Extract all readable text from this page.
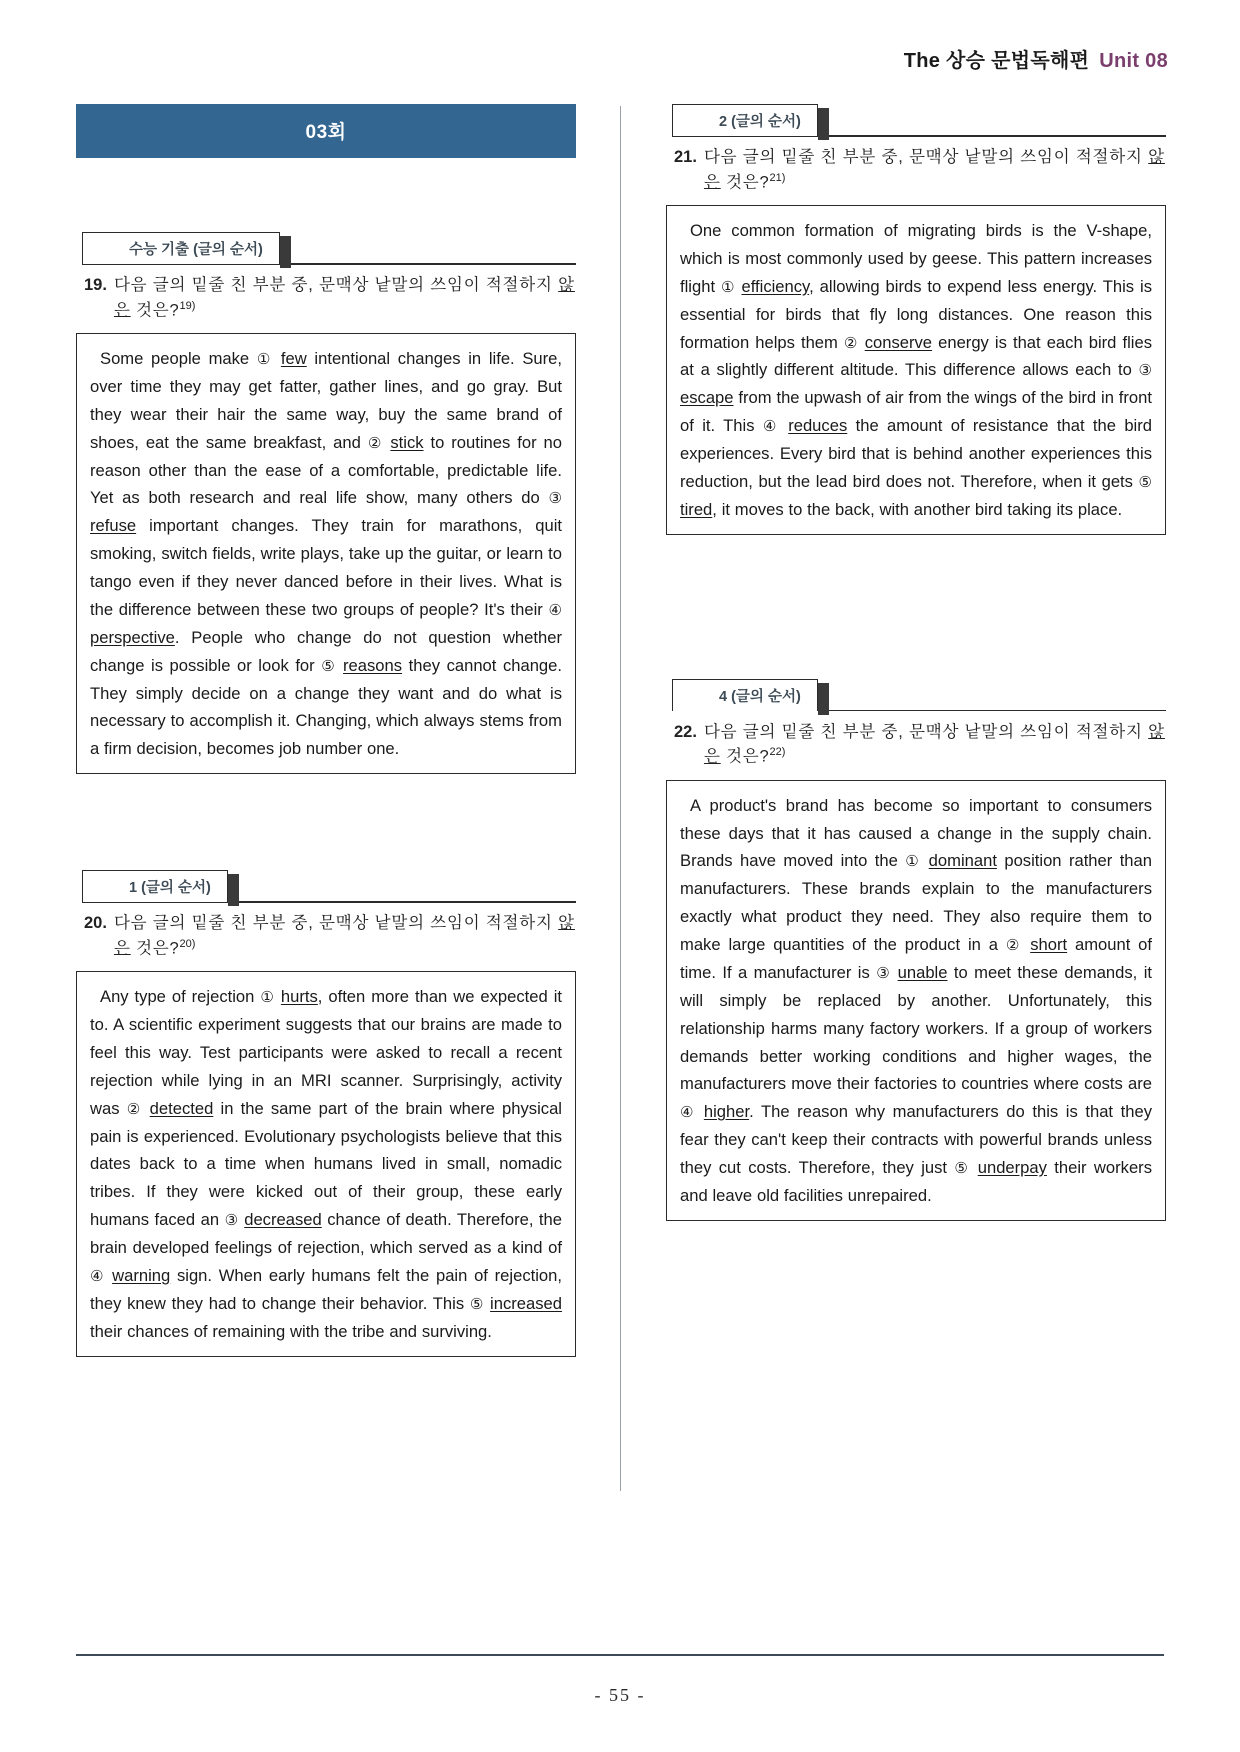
The 상승 문법독해편 Unit 08
03회
수능 기출 (글의 순서)
19. 다음 글의 밑줄 친 부분 중, 문맥상 낱말의 쓰임이 적절하지 않은 것은?$^{19)}$

Some people make ① few intentional changes in life. Sure, over time they may get fatter, gather lines, and go gray. But they wear their hair the same way, buy the same brand of shoes, eat the same breakfast, and ② stick to routines for no reason other than the ease of a comfortable, predictable life. Yet as both research and real life show, many others do ③ refuse important changes. They train for marathons, quit smoking, switch fields, write plays, take up the guitar, or learn to tango even if they never danced before in their lives. What is the difference between these two groups of people? It's their ④ perspective. People who change do not question whether change is possible or look for ⑤ reasons they cannot change. They simply decide on a change they want and do what is necessary to accomplish it. Changing, which always stems from a firm decision, becomes job number one.

1 (글의 순서)
20. 다음 글의 밑줄 친 부분 중, 문맥상 낱말의 쓰임이 적절하지 않은 것은?$^{20)}$

Any type of rejection ① hurts, often more than we expected it to. A scientific experiment suggests that our brains are made to feel this way. Test participants were asked to recall a recent rejection while lying in an MRI scanner. Surprisingly, activity was ② detected in the same part of the brain where physical pain is experienced. Evolutionary psychologists believe that this dates back to a time when humans lived in small, nomadic tribes. If they were kicked out of their group, these early humans faced an ③ decreased chance of death. Therefore, the brain developed feelings of rejection, which served as a kind of ④ warning sign. When early humans felt the pain of rejection, they knew they had to change their behavior. This ⑤ increased their chances of remaining with the tribe and surviving.

2 (글의 순서)
21. 다음 글의 밑줄 친 부분 중, 문맥상 낱말의 쓰임이 적절하지 않은 것은?$^{21)}$

One common formation of migrating birds is the V-shape, which is most commonly used by geese. This pattern increases flight ① efficiency, allowing birds to expend less energy. This is essential for birds that fly long distances. One reason this formation helps them ② conserve energy is that each bird flies at a slightly different altitude. This difference allows each to ③ escape from the upwash of air from the wings of the bird in front of it. This ④ reduces the amount of resistance that the bird experiences. Every bird that is behind another experiences this reduction, but the lead bird does not. Therefore, when it gets ⑤ tired, it moves to the back, with another bird taking its place.

4 (글의 순서)
22. 다음 글의 밑줄 친 부분 중, 문맥상 낱말의 쓰임이 적절하지 않은 것은?$^{22)}$

A product's brand has become so important to consumers these days that it has caused a change in the supply chain. Brands have moved into the ① dominant position rather than manufacturers. These brands explain to the manufacturers exactly what product they need. They also require them to make large quantities of the product in a ② short amount of time. If a manufacturer is ③ unable to meet these demands, it will simply be replaced by another. Unfortunately, this relationship harms many factory workers. If a group of workers demands better working conditions and higher wages, the manufacturers move their factories to countries where costs are ④ higher. The reason why manufacturers do this is that they fear they can't keep their contracts with powerful brands unless they cut costs. Therefore, they just ⑤ underpay their workers and leave old facilities unrepaired.

- 55 -
